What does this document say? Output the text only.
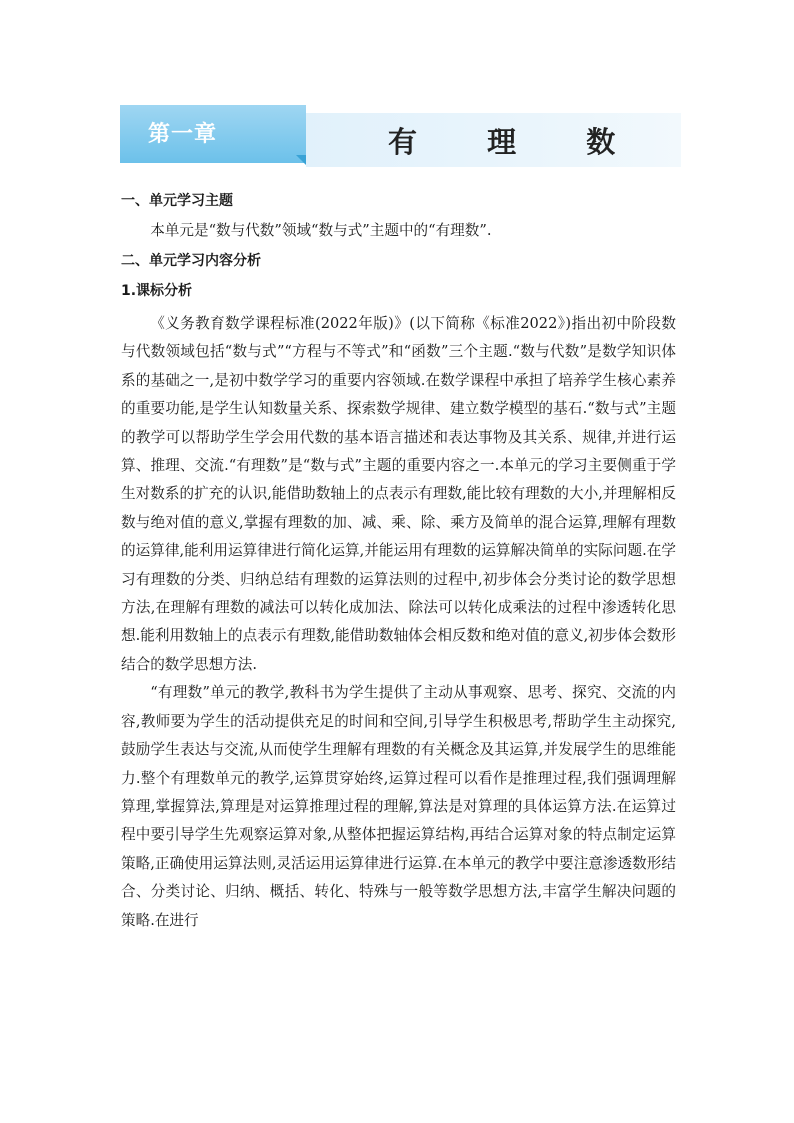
第一章	有 理 数

一、单元学习主题

本单元是“数与代数”领域“数与式”主题中的“有理数”.

二、单元学习内容分析

1.课标分析

《义务教育数学课程标准(2022年版)》(以下简称《标准2022》)指出初中阶段数与代数领域包括“数与式”“方程与不等式”和“函数”三个主题.“数与代数”是数学知识体系的基础之一,是初中数学学习的重要内容领域.在数学课程中承担了培养学生核心素养的重要功能,是学生认知数量关系、探索数学规律、建立数学模型的基石.“数与式”主题的教学可以帮助学生学会用代数的基本语言描述和表达事物及其关系、规律,并进行运算、推理、交流.“有理数”是“数与式”主题的重要内容之一.本单元的学习主要侧重于学生对数系的扩充的认识,能借助数轴上的点表示有理数,能比较有理数的大小,并理解相反数与绝对值的意义,掌握有理数的加、减、乘、除、乘方及简单的混合运算,理解有理数的运算律,能利用运算律进行简化运算,并能运用有理数的运算解决简单的实际问题.在学习有理数的分类、归纳总结有理数的运算法则的过程中,初步体会分类讨论的数学思想方法,在理解有理数的减法可以转化成加法、除法可以转化成乘法的过程中渗透转化思想.能利用数轴上的点表示有理数,能借助数轴体会相反数和绝对值的意义,初步体会数形结合的数学思想方法.

“有理数”单元的教学,教科书为学生提供了主动从事观察、思考、探究、交流的内容,教师要为学生的活动提供充足的时间和空间,引导学生积极思考,帮助学生主动探究,鼓励学生表达与交流,从而使学生理解有理数的有关概念及其运算,并发展学生的思维能力.整个有理数单元的教学,运算贯穿始终,运算过程可以看作是推理过程,我们强调理解算理,掌握算法,算理是对运算推理过程的理解,算法是对算理的具体运算方法.在运算过程中要引导学生先观察运算对象,从整体把握运算结构,再结合运算对象的特点制定运算策略,正确使用运算法则,灵活运用运算律进行运算.在本单元的教学中要注意渗透数形结合、分类讨论、归纳、概括、转化、特殊与一般等数学思想方法,丰富学生解决问题的策略.在进行
